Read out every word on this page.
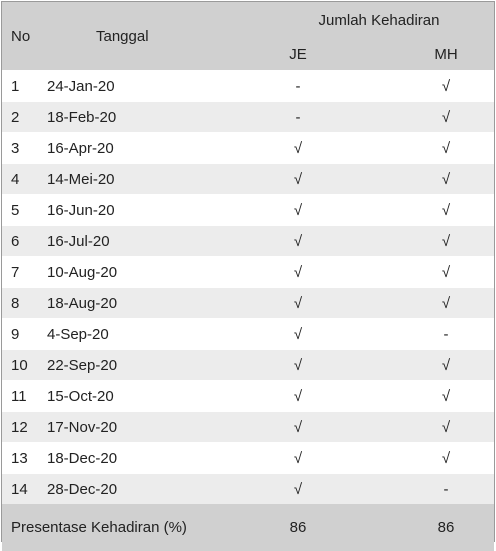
No	Tanggal	Jumlah Kehadiran	
		JE	MH
1	24-Jan-20	-	√
2	18-Feb-20	-	√
3	16-Apr-20	√	√
4	14-Mei-20	√	√
5	16-Jun-20	√	√
6	16-Jul-20	√	√
7	10-Aug-20	√	√
8	18-Aug-20	√	√
9	4-Sep-20	√	-
10	22-Sep-20	√	√
11	15-Oct-20	√	√
12	17-Nov-20	√	√
13	18-Dec-20	√	√
14	28-Dec-20	√	-
Presentase Kehadiran (%)		86	86
